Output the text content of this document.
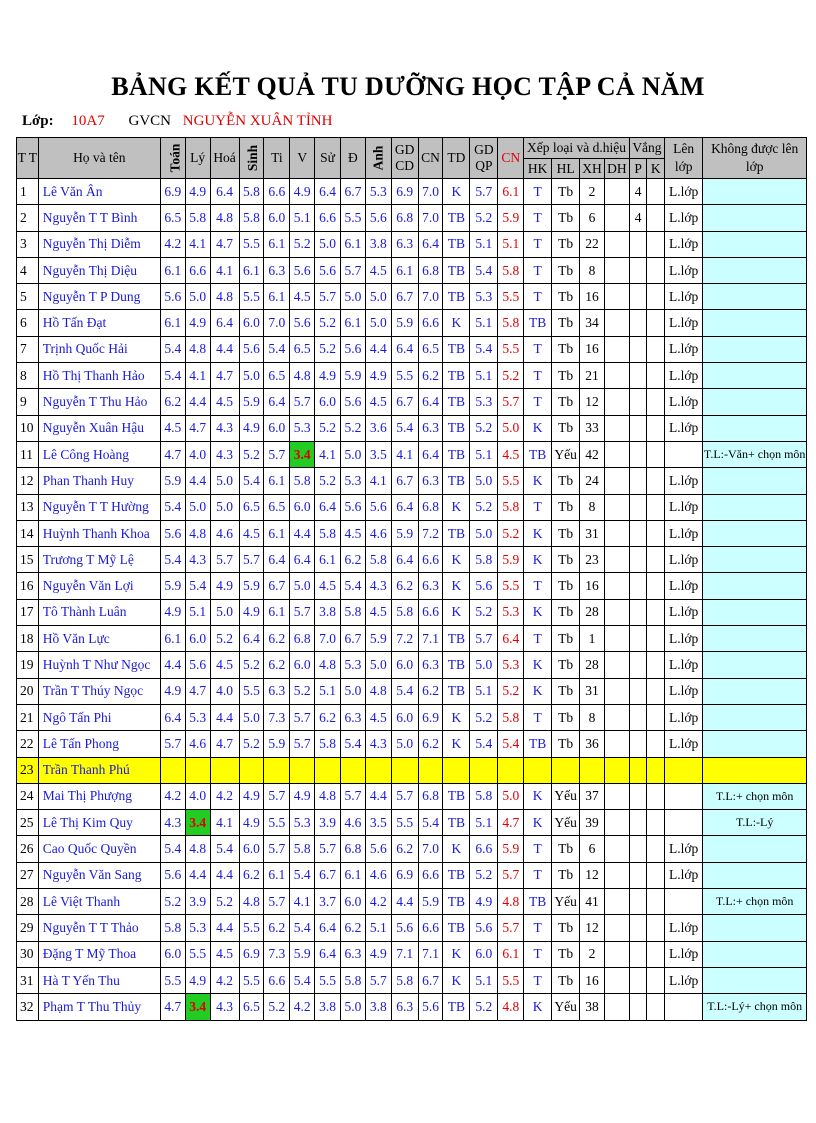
BẢNG KẾT QUẢ TU DƯỠNG HỌC TẬP CẢ NĂM
Lớp: 10A7 GVCN NGUYỄN XUÂN TỈNH
T T	Họ và tên	Toán	Lý	Hoá	Sinh	Ti	V	Sử	Đ	Anh	GD CD	CN	TD	GD QP	CN	Xếp loại và d.hiệu				Vắng		Lên lớp	Không được lên lớp
																HK	HL	XH	DH	P	K		
1	Lê Văn Ân	6.9	4.9	6.4	5.8	6.6	4.9	6.4	6.7	5.3	6.9	7.0	K	5.7	6.1	T	Tb	2		4		L.lớp	
2	Nguyễn T T Bình	6.5	5.8	4.8	5.8	6.0	5.1	6.6	5.5	5.6	6.8	7.0	TB	5.2	5.9	T	Tb	6		4		L.lớp	
3	Nguyễn Thị Diễm	4.2	4.1	4.7	5.5	6.1	5.2	5.0	6.1	3.8	6.3	6.4	TB	5.1	5.1	T	Tb	22				L.lớp	
4	Nguyễn Thị Diệu	6.1	6.6	4.1	6.1	6.3	5.6	5.6	5.7	4.5	6.1	6.8	TB	5.4	5.8	T	Tb	8				L.lớp	
5	Nguyễn T P Dung	5.6	5.0	4.8	5.5	6.1	4.5	5.7	5.0	5.0	6.7	7.0	TB	5.3	5.5	T	Tb	16				L.lớp	
6	Hồ Tấn Đạt	6.1	4.9	6.4	6.0	7.0	5.6	5.2	6.1	5.0	5.9	6.6	K	5.1	5.8	TB	Tb	34				L.lớp	
7	Trịnh Quốc Hải	5.4	4.8	4.4	5.6	5.4	6.5	5.2	5.6	4.4	6.4	6.5	TB	5.4	5.5	T	Tb	16				L.lớp	
8	Hồ Thị Thanh Hảo	5.4	4.1	4.7	5.0	6.5	4.8	4.9	5.9	4.9	5.5	6.2	TB	5.1	5.2	T	Tb	21				L.lớp	
9	Nguyễn T Thu Hảo	6.2	4.4	4.5	5.9	6.4	5.7	6.0	5.6	4.5	6.7	6.4	TB	5.3	5.7	T	Tb	12				L.lớp	
10	Nguyễn Xuân Hậu	4.5	4.7	4.3	4.9	6.0	5.3	5.2	5.2	3.6	5.4	6.3	TB	5.2	5.0	K	Tb	33				L.lớp	
11	Lê Công Hoàng	4.7	4.0	4.3	5.2	5.7	3.4	4.1	5.0	3.5	4.1	6.4	TB	5.1	4.5	TB	Yếu	42					T.L:-Văn+ chọn môn
12	Phan Thanh Huy	5.9	4.4	5.0	5.4	6.1	5.8	5.2	5.3	4.1	6.7	6.3	TB	5.0	5.5	K	Tb	24				L.lớp	
13	Nguyễn T T Hường	5.4	5.0	5.0	6.5	6.5	6.0	6.4	5.6	5.6	6.4	6.8	K	5.2	5.8	T	Tb	8				L.lớp	
14	Huỳnh Thanh Khoa	5.6	4.8	4.6	4.5	6.1	4.4	5.8	4.5	4.6	5.9	7.2	TB	5.0	5.2	K	Tb	31				L.lớp	
15	Trương T Mỹ Lệ	5.4	4.3	5.7	5.7	6.4	6.4	6.1	6.2	5.8	6.4	6.6	K	5.8	5.9	K	Tb	23				L.lớp	
16	Nguyễn Văn Lợi	5.9	5.4	4.9	5.9	6.7	5.0	4.5	5.4	4.3	6.2	6.3	K	5.6	5.5	T	Tb	16				L.lớp	
17	Tô Thành Luân	4.9	5.1	5.0	4.9	6.1	5.7	3.8	5.8	4.5	5.8	6.6	K	5.2	5.3	K	Tb	28				L.lớp	
18	Hồ Văn Lực	6.1	6.0	5.2	6.4	6.2	6.8	7.0	6.7	5.9	7.2	7.1	TB	5.7	6.4	T	Tb	1				L.lớp	
19	Huỳnh T Như Ngọc	4.4	5.6	4.5	5.2	6.2	6.0	4.8	5.3	5.0	6.0	6.3	TB	5.0	5.3	K	Tb	28				L.lớp	
20	Trần T Thúy Ngọc	4.9	4.7	4.0	5.5	6.3	5.2	5.1	5.0	4.8	5.4	6.2	TB	5.1	5.2	K	Tb	31				L.lớp	
21	Ngô Tấn Phi	6.4	5.3	4.4	5.0	7.3	5.7	6.2	6.3	4.5	6.0	6.9	K	5.2	5.8	T	Tb	8				L.lớp	
22	Lê Tấn Phong	5.7	4.6	4.7	5.2	5.9	5.7	5.8	5.4	4.3	5.0	6.2	K	5.4	5.4	TB	Tb	36				L.lớp	
23	Trần Thanh Phú																						
24	Mai Thị Phượng	4.2	4.0	4.2	4.9	5.7	4.9	4.8	5.7	4.4	5.7	6.8	TB	5.8	5.0	K	Yếu	37					T.L:+ chọn môn
25	Lê Thị Kim Quy	4.3	3.4	4.1	4.9	5.5	5.3	3.9	4.6	3.5	5.5	5.4	TB	5.1	4.7	K	Yếu	39					T.L:-Lý
26	Cao Quốc Quyền	5.4	4.8	5.4	6.0	5.7	5.8	5.7	6.8	5.6	6.2	7.0	K	6.6	5.9	T	Tb	6				L.lớp	
27	Nguyễn Văn Sang	5.6	4.4	4.4	6.2	6.1	5.4	6.7	6.1	4.6	6.9	6.6	TB	5.2	5.7	T	Tb	12				L.lớp	
28	Lê Việt Thanh	5.2	3.9	5.2	4.8	5.7	4.1	3.7	6.0	4.2	4.4	5.9	TB	4.9	4.8	TB	Yếu	41					T.L:+ chọn môn
29	Nguyễn T T Thảo	5.8	5.3	4.4	5.5	6.2	5.4	6.4	6.2	5.1	5.6	6.6	TB	5.6	5.7	T	Tb	12				L.lớp	
30	Đặng T Mỹ Thoa	6.0	5.5	4.5	6.9	7.3	5.9	6.4	6.3	4.9	7.1	7.1	K	6.0	6.1	T	Tb	2				L.lớp	
31	Hà T Yến Thu	5.5	4.9	4.2	5.5	6.6	5.4	5.5	5.8	5.7	5.8	6.7	K	5.1	5.5	T	Tb	16				L.lớp	
32	Phạm T Thu Thủy	4.7	3.4	4.3	6.5	5.2	4.2	3.8	5.0	3.8	6.3	5.6	TB	5.2	4.8	K	Yếu	38					T.L:-Lý+ chọn môn
